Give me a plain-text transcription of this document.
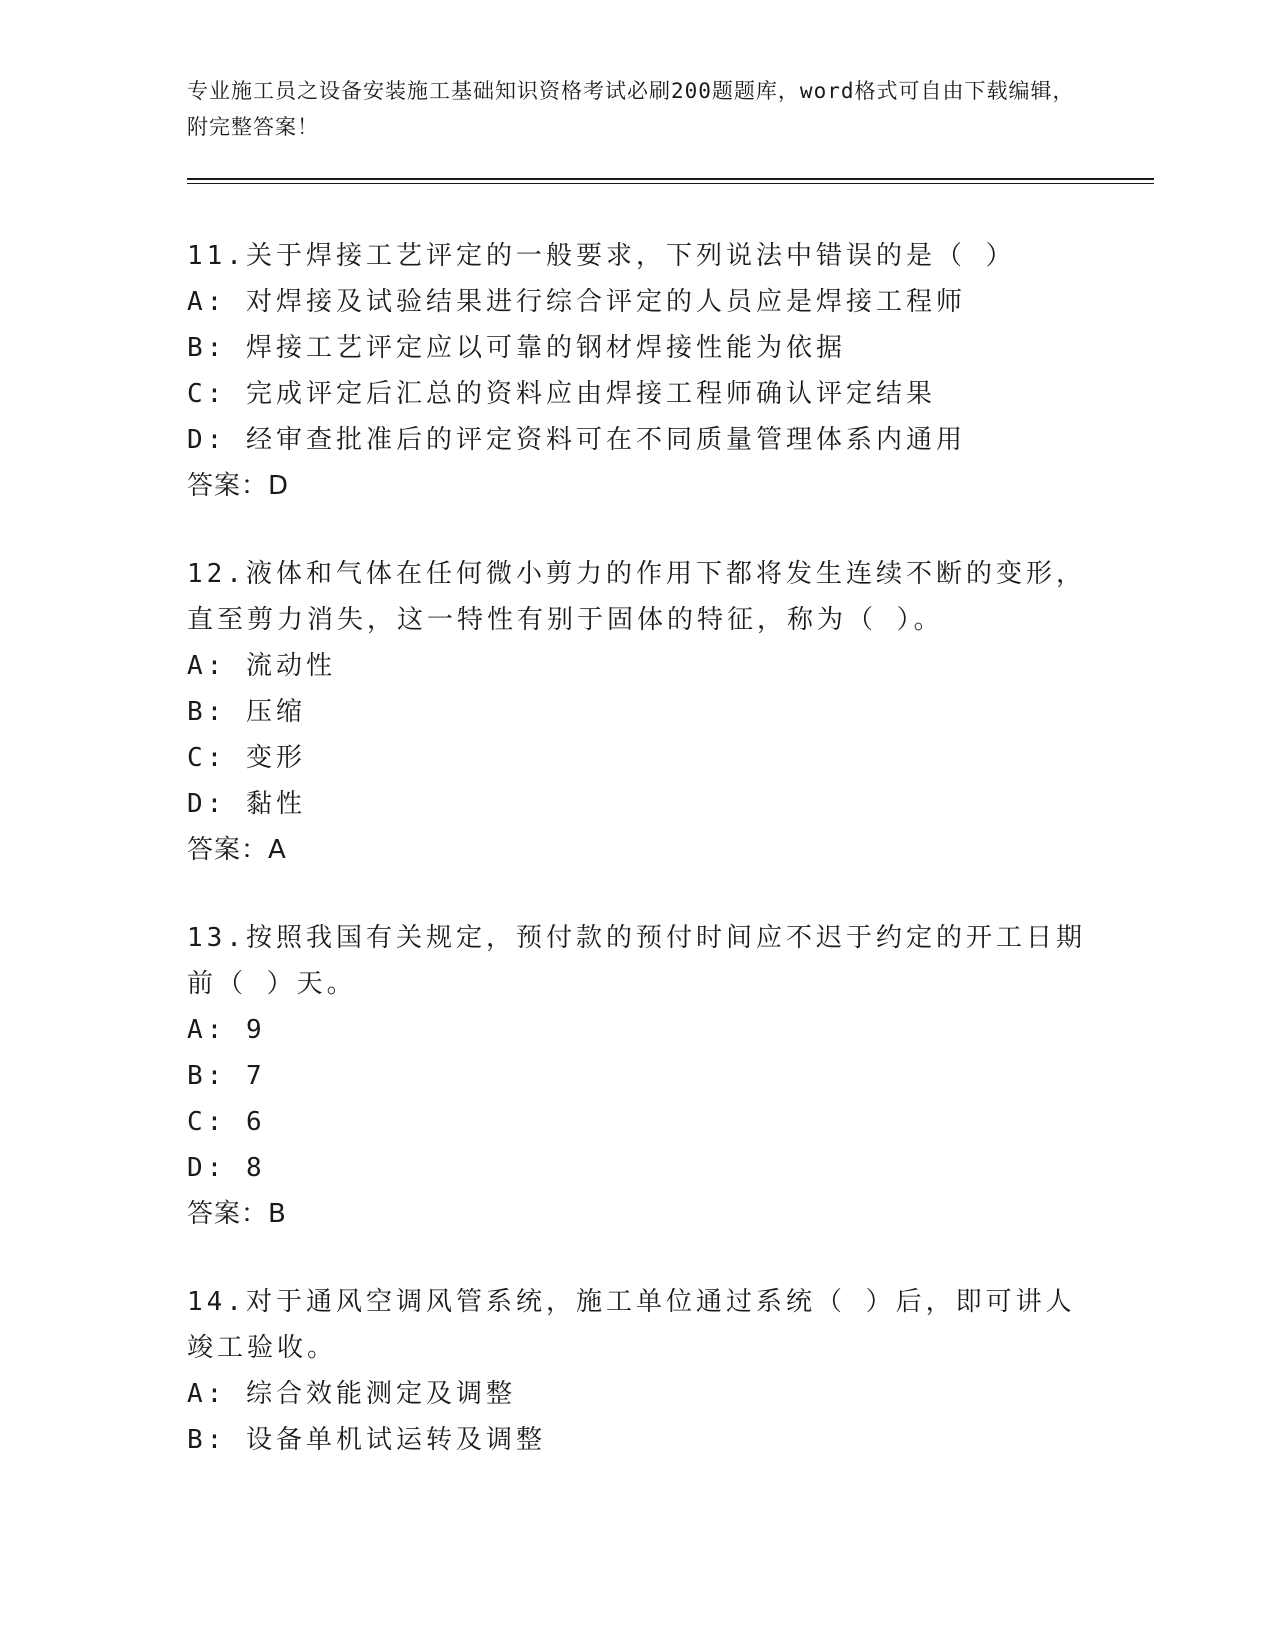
专业施工员之设备安装施工基础知识资格考试必刷200题题库，word格式可自由下载编辑，附完整答案！
11.关于焊接工艺评定的一般要求，下列说法中错误的是（ ）
A: 对焊接及试验结果进行综合评定的人员应是焊接工程师
B: 焊接工艺评定应以可靠的钢材焊接性能为依据
C: 完成评定后汇总的资料应由焊接工程师确认评定结果
D: 经审查批准后的评定资料可在不同质量管理体系内通用
答案：D
12.液体和气体在任何微小剪力的作用下都将发生连续不断的变形，直至剪力消失，这一特性有别于固体的特征，称为（ ）。
A: 流动性
B: 压缩
C: 变形
D: 黏性
答案：A
13.按照我国有关规定，预付款的预付时间应不迟于约定的开工日期前（ ）天。
A: 9
B: 7
C: 6
D: 8
答案：B
14.对于通风空调风管系统，施工单位通过系统（ ）后，即可讲人竣工验收。
A: 综合效能测定及调整
B: 设备单机试运转及调整
